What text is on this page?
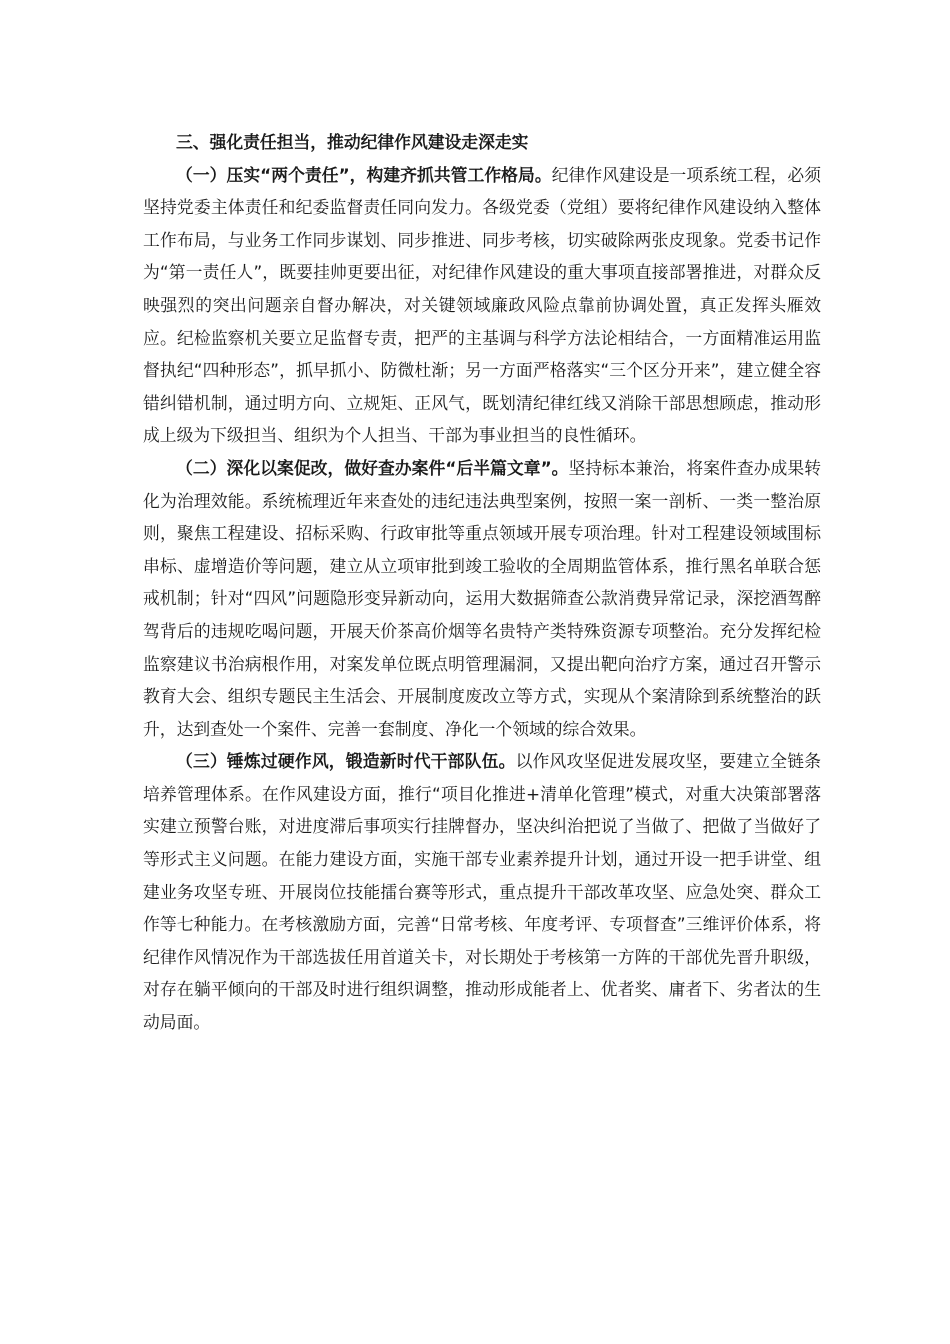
三、强化责任担当，推动纪律作风建设走深走实

（一）压实“两个责任”，构建齐抓共管工作格局。纪律作风建设是一项系统工程，必须坚持党委主体责任和纪委监督责任同向发力。各级党委（党组）要将纪律作风建设纳入整体工作布局，与业务工作同步谋划、同步推进、同步考核，切实破除两张皮现象。党委书记作为“第一责任人”，既要挂帅更要出征，对纪律作风建设的重大事项直接部署推进，对群众反映强烈的突出问题亲自督办解决，对关键领域廉政风险点靠前协调处置，真正发挥头雁效应。纪检监察机关要立足监督专责，把严的主基调与科学方法论相结合，一方面精准运用监督执纪“四种形态”，抓早抓小、防微杜渐；另一方面严格落实“三个区分开来”，建立健全容错纠错机制，通过明方向、立规矩、正风气，既划清纪律红线又消除干部思想顾虑，推动形成上级为下级担当、组织为个人担当、干部为事业担当的良性循环。

（二）深化以案促改，做好查办案件“后半篇文章”。坚持标本兼治，将案件查办成果转化为治理效能。系统梳理近年来查处的违纪违法典型案例，按照一案一剖析、一类一整治原则，聚焦工程建设、招标采购、行政审批等重点领域开展专项治理。针对工程建设领域围标串标、虚增造价等问题，建立从立项审批到竣工验收的全周期监管体系，推行黑名单联合惩戒机制；针对“四风”问题隐形变异新动向，运用大数据筛查公款消费异常记录，深挖酒驾醉驾背后的违规吃喝问题，开展天价茶高价烟等名贵特产类特殊资源专项整治。充分发挥纪检监察建议书治病根作用，对案发单位既点明管理漏洞，又提出靶向治疗方案，通过召开警示教育大会、组织专题民主生活会、开展制度废改立等方式，实现从个案清除到系统整治的跃升，达到查处一个案件、完善一套制度、净化一个领域的综合效果。

（三）锤炼过硬作风，锻造新时代干部队伍。以作风攻坚促进发展攻坚，要建立全链条培养管理体系。在作风建设方面，推行“项目化推进+清单化管理”模式，对重大决策部署落实建立预警台账，对进度滞后事项实行挂牌督办，坚决纠治把说了当做了、把做了当做好了等形式主义问题。在能力建设方面，实施干部专业素养提升计划，通过开设一把手讲堂、组建业务攻坚专班、开展岗位技能擂台赛等形式，重点提升干部改革攻坚、应急处突、群众工作等七种能力。在考核激励方面，完善“日常考核、年度考评、专项督查”三维评价体系，将纪律作风情况作为干部选拔任用首道关卡，对长期处于考核第一方阵的干部优先晋升职级，对存在躺平倾向的干部及时进行组织调整，推动形成能者上、优者奖、庸者下、劣者汰的生动局面。
